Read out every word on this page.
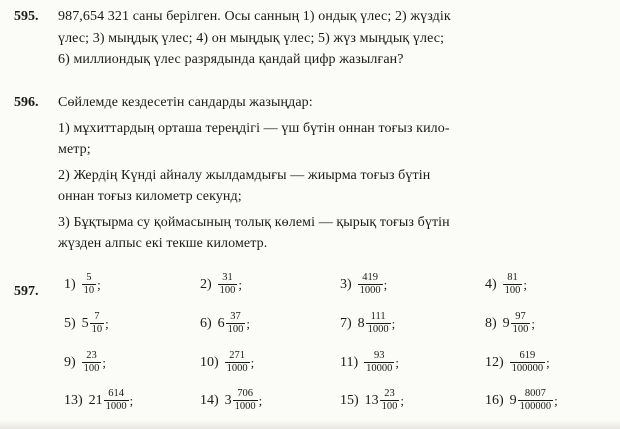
595. 987,654 321 саны берілген. Осы санның 1) ондық үлес; 2) жүздік
үлес; 3) мыңдық үлес; 4) он мыңдық үлес; 5) жүз мыңдық үлес;
6) миллиондық үлес разрядында қандай цифр жазылған?
596. Сөйлемде кездесетін сандарды жазыңдар:
1) мұхиттардың орташа тереңдігі — үш бүтін оннан тоғыз кило-
метр;
2) Жердің Күнді айналу жылдамдығы — жиырма тоғыз бүтін
оннан тоғыз километр секунд;
3) Бұқтырма су қоймасының толық көлемі — қырық тоғыз бүтін
жүзден алпыс екі текше километр.
597. $1) \frac{5}{10}$ ;	$2) \frac{31}{100}$ ;	$3) \frac{419}{1000}$ ;	$4) \frac{81}{100}$ ;
5) $5 \frac{7}{10}$ ;	6) $6 \frac{37}{100}$ ;	7) $8 \frac{111}{1000}$ ;	8) $9 \frac{97}{100}$ ;
$9) \frac{23}{100}$ ;	$10) \frac{271}{1000}$ ;	$11) \frac{93}{10000}$ ;	$12) \frac{619}{100000}$ ;
13) $21 \frac{614}{1000}$ ;	14) $3 \frac{706}{1000}$ ;	15) $13 \frac{23}{100}$ ;	16) $9 \frac{8007}{100000}$ ;
